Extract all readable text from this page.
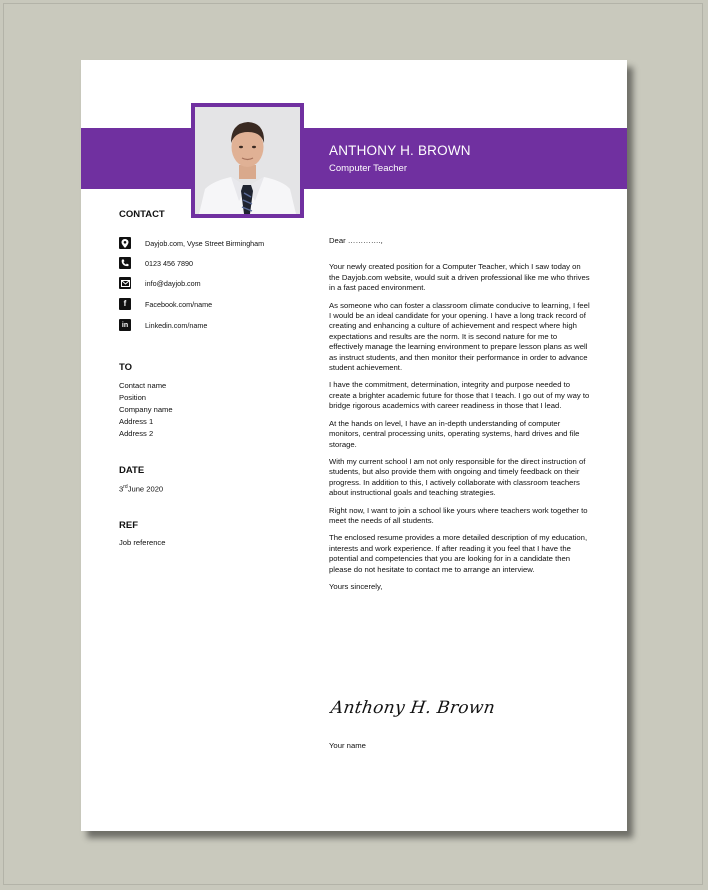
ANTHONY H. BROWN
Computer Teacher
CONTACT
Dayjob.com, Vyse Street Birmingham
0123 456 7890
info@dayjob.com
f	Facebook.com/name
in	Linkedin.com/name
TO
Contact name
Position
Company name
Address 1
Address 2
DATE
3rdJune 2020
REF
Job reference

Dear ………….,

Your newly created position for a Computer Teacher, which I saw today on the Dayjob.com website, would suit a driven professional like me who thrives in a fast paced environment.

As someone who can foster a classroom climate conducive to learning, I feel I would be an ideal candidate for your opening. I have a long track record of creating and enhancing a culture of achievement and respect where high expectations and results are the norm. It is second nature for me to effectively manage the learning environment to prepare lesson plans as well as instruct students, and then monitor their performance in order to advance student achievement.

I have the commitment, determination, integrity and purpose needed to create a brighter academic future for those that I teach. I go out of my way to bridge rigorous academics with career readiness in those that I lead.

At the hands on level, I have an in-depth understanding of computer monitors, central processing units, operating systems, hard drives and file storage.

With my current school I am not only responsible for the direct instruction of students, but also provide them with ongoing and timely feedback on their progress. In addition to this, I actively collaborate with classroom teachers about instructional goals and teaching strategies.

Right now, I want to join a school like yours where teachers work together to meet the needs of all students.

The enclosed resume provides a more detailed description of my education, interests and work experience. If after reading it you feel that I have the potential and competencies that you are looking for in a candidate then please do not hesitate to contact me to arrange an interview.

Yours sincerely,

Anthony H. Brown
Your name
